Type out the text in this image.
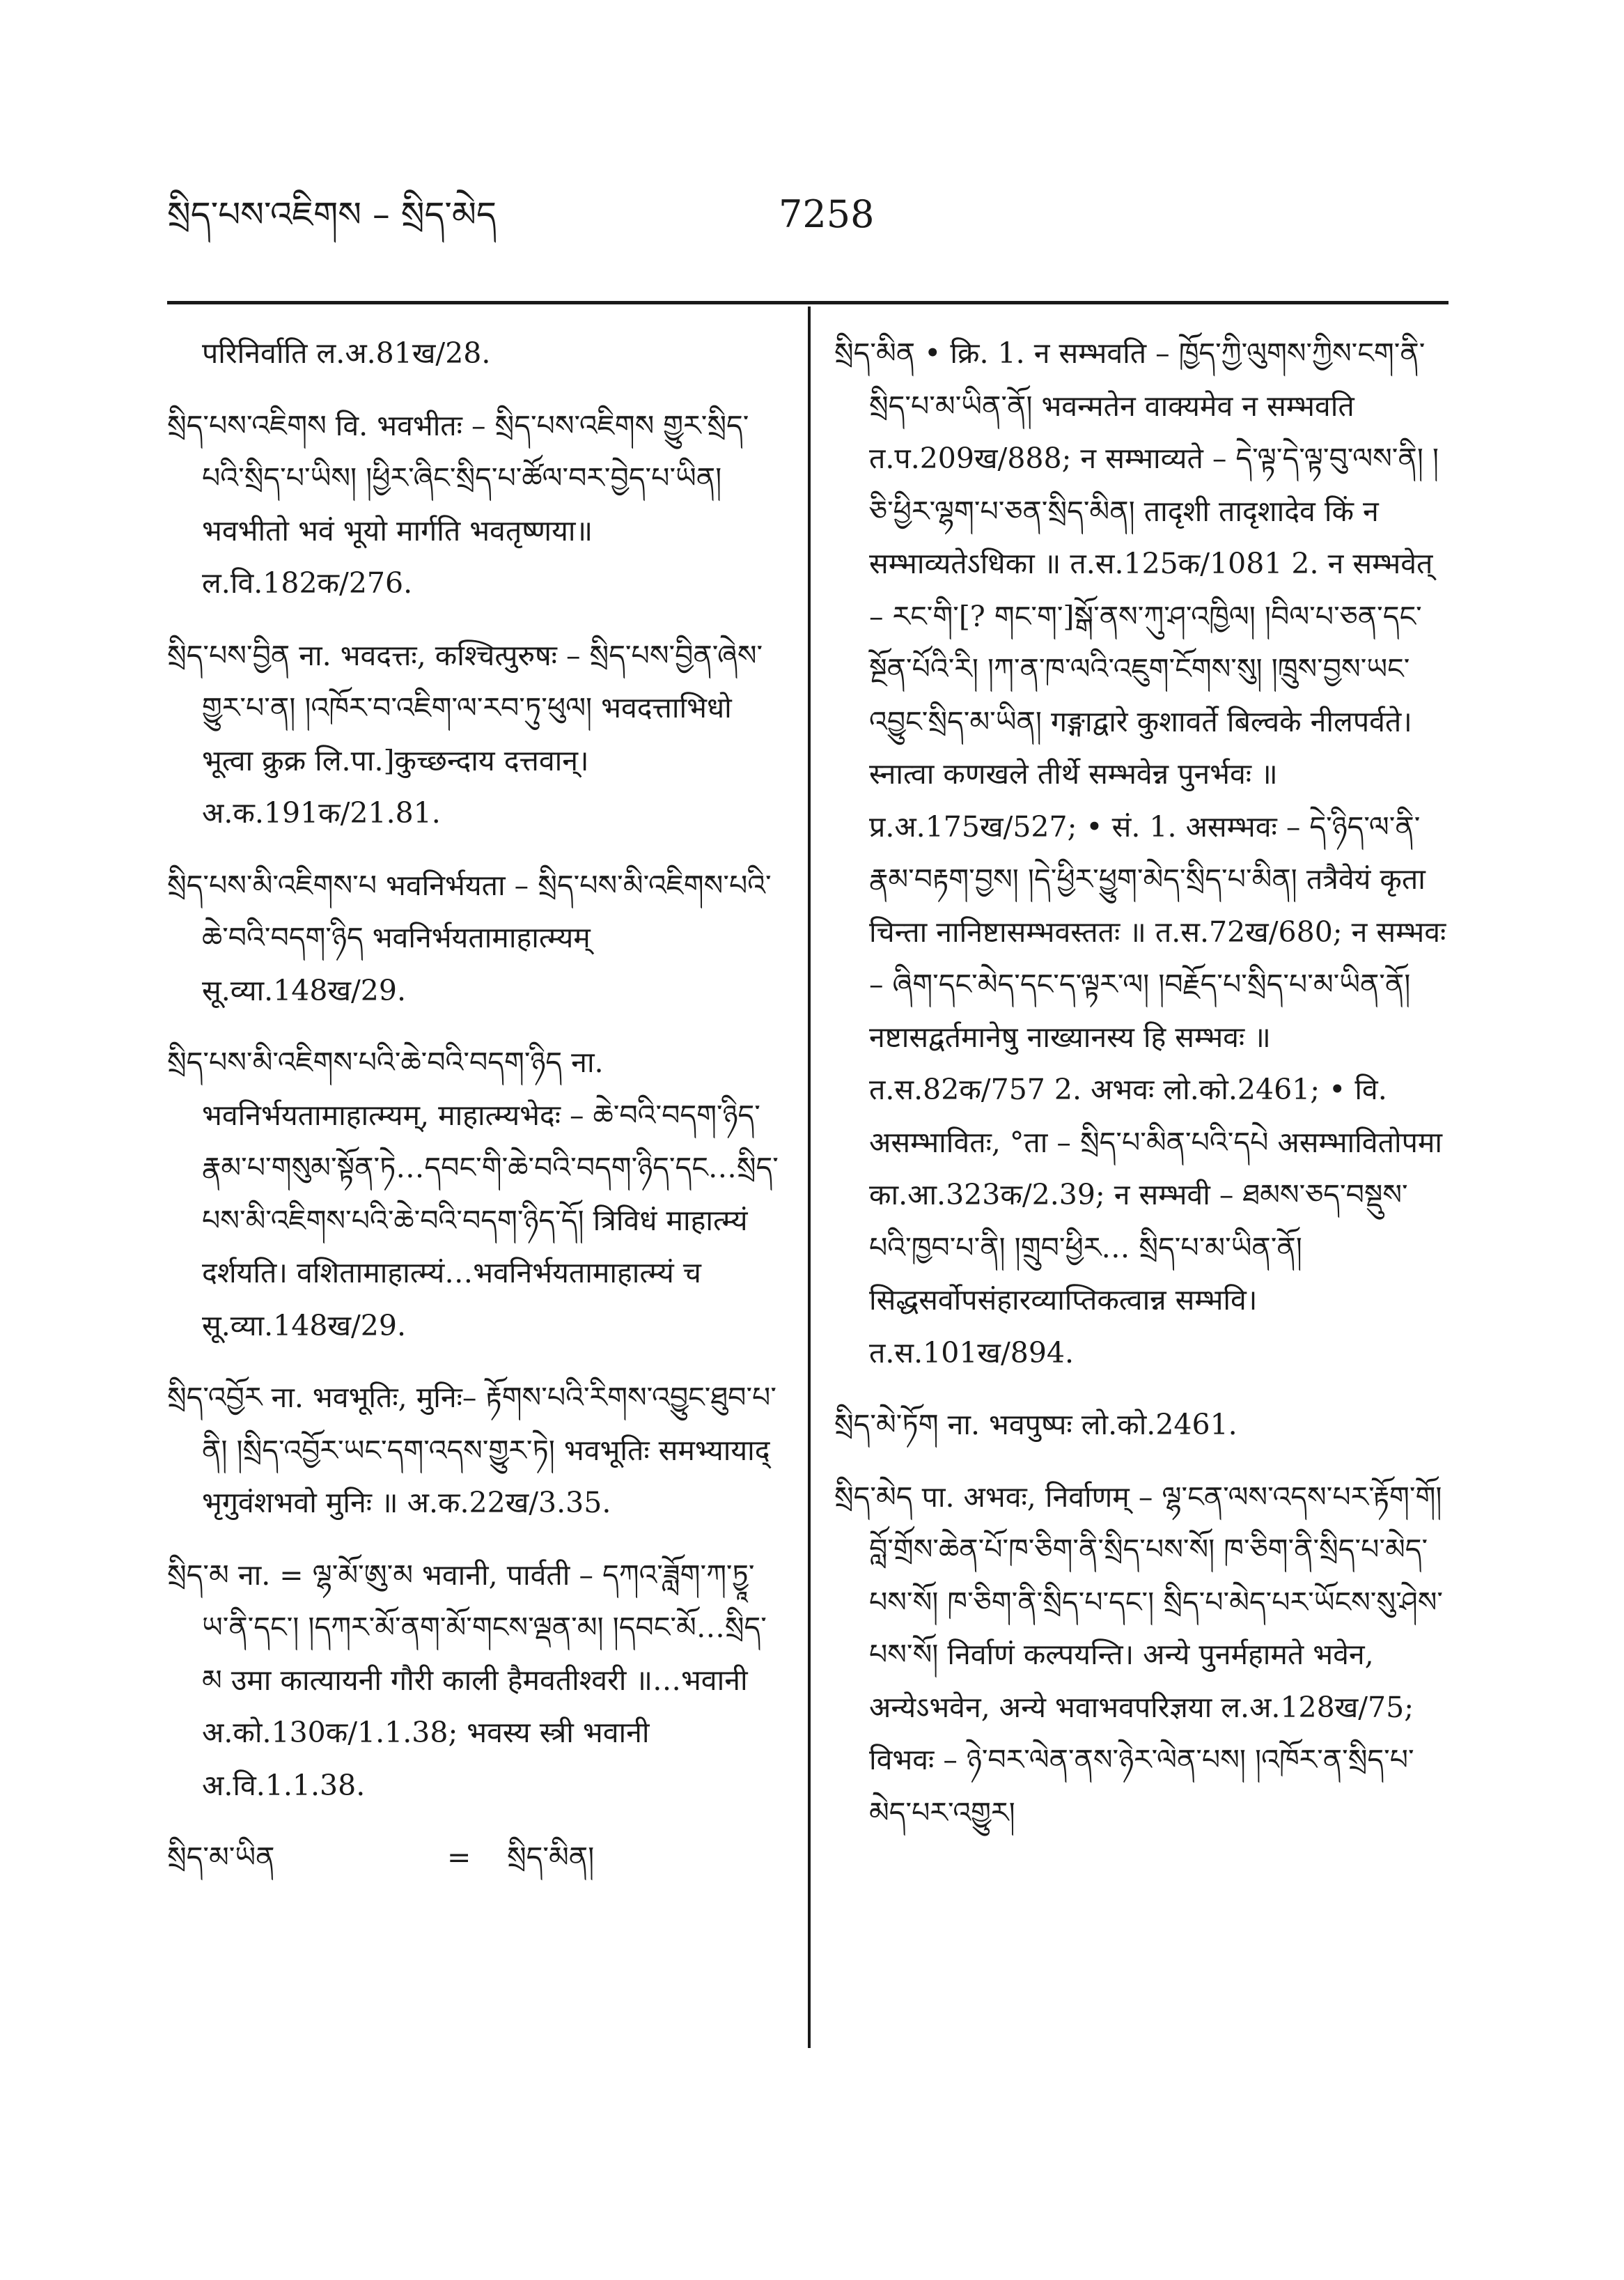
སྲིད་པས་འཇིགས – སྲིད་མེད	7258

परिनिर्वाति ल.अ.81ख/28.

སྲིད་པས་འཇིགས वि. भवभीतः – སྲིད་པས་འཇིགས གྱུར་སྲིད་པའི་སྲིད་པ་ཡིས། །ཕྱིར་ཞིང་སྲིད་པ་ཚོལ་བར་བྱེད་པ་ཡིན། भवभीतो भवं भूयो मार्गति भवतृष्णया॥ ल.वि.182क/276.

སྲིད་པས་བྱིན ना. भवदत्तः, कश्चित्पुरुषः – སྲིད་པས་བྱིན་ཞེས་གྱུར་པ་ན། །འཁོར་བ་འཇིག་ལ་རབ་ཏུ་ཕུལ། भवदत्ताभिधो भूत्वा क्रुक्र लि.पा.]कुच्छन्दाय दत्तवान्। अ.क.191क/21.81.

སྲིད་པས་མི་འཇིགས་པ भवनिर्भयता – སྲིད་པས་མི་འཇིགས་པའི་ཆེ་བའི་བདག་ཉིད भवनिर्भयतामाहात्म्यम् सू.व्या.148ख/29.

སྲིད་པས་མི་འཇིགས་པའི་ཆེ་བའི་བདག་ཉིད ना. भवनिर्भयतामाहात्म्यम्, माहात्म्यभेदः – ཆེ་བའི་བདག་ཉིད་རྣམ་པ་གསུམ་སྟོན་ཏེ…དབང་གི་ཆེ་བའི་བདག་ཉིད་དང…སྲིད་པས་མི་འཇིགས་པའི་ཆེ་བའི་བདག་ཉིད་དོ། त्रिविधं माहात्म्यं दर्शयति। वशितामाहात्म्यं…भवनिर्भयतामाहात्म्यं च सू.व्या.148ख/29.

སྲིད་འབྱོར ना. भवभूतिः, मुनिः– རྟོགས་པའི་རིགས་འབྱུང་ཐུབ་པ་ནི། །སྲིད་འབྱོར་ཡང་དག་འདས་གྱུར་ཏེ། भवभूतिः समभ्यायाद् भृगुवंशभवो मुनिः ॥ अ.क.22ख/3.35.

སྲིད་མ ना. = ལྷ་མོ་ཨུ་མ भवानी, पार्वती – དཀའ་ཟློག་ཀ་ཏྱཱ་ཡ་ནི་དང་། །དཀར་མོ་ནག་མོ་གངས་ལྡན་མ། །དབང་མོ…སྲིད་མ उमा कात्यायनी गौरी काली हैमवतीश्वरी ॥…भवानी अ.को.130क/1.1.38; भवस्य स्त्री भवानी अ.वि.1.1.38.

སྲིད་མ་ཡིན	= སྲིད་མིན།

སྲིད་མིན • क्रि. 1. न सम्भवति – ཁྱོད་ཀྱི་ལུགས་ཀྱིས་ངག་ནི་སྲིད་པ་མ་ཡིན་ནོ། भवन्मतेन वाक्यमेव न सम्भवति त.प.209ख/888; न सम्भाव्यते – དེ་ལྟ་དེ་ལྟ་བུ་ལས་ནི། །ཅི་ཕྱིར་ལྷག་པ་ཅན་སྲིད་མིན། तादृशी तादृशादेव किं न सम्भाव्यतेऽधिका ॥ त.स.125क/1081 2. न सम्भवेत् – རང་གི་[? གང་ག་]སྒོ་ནས་ཀུ་ཤ་འཁྱིལ། །བིལ་པ་ཅན་དང་སྔོན་པོའི་རི། །ཀ་ན་ཁ་ལའི་འཇུག་ངོགས་སུ། །ཁྲུས་བྱས་ཡང་འབྱུང་སྲིད་མ་ཡིན། गङ्गाद्वारे कुशावर्ते बिल्वके नीलपर्वते। स्नात्वा कणखले तीर्थे सम्भवेन्न पुनर्भवः ॥ प्र.अ.175ख/527; • सं. 1. असम्भवः – དེ་ཉིད་ལ་ནི་རྣམ་བརྟག་བྱས། །དེ་ཕྱིར་ཕྱུག་མེད་སྲིད་པ་མིན། तत्रैवेयं कृता चिन्ता नानिष्टासम्भवस्ततः ॥ त.स.72ख/680; न सम्भवः – ཞིག་དང་མེད་དང་ད་ལྟར་ལ། །བརྗོད་པ་སྲིད་པ་མ་ཡིན་ནོ། नष्टासद्वर्तमानेषु नाख्यानस्य हि सम्भवः ॥ त.स.82क/757 2. अभवः लो.को.2461; • वि. असम्भावितः, °ता – སྲིད་པ་མིན་པའི་དཔེ असम्भावितोपमा का.आ.323क/2.39; न सम्भवी – ཐམས་ཅད་བསྡུས་པའི་ཁྱབ་པ་ནི། །གྲུབ་ཕྱིར… སྲིད་པ་མ་ཡིན་ནོ། सिद्धसर्वोपसंहारव्याप्तिकत्वान्न सम्भवि। त.स.101ख/894.

སྲིད་མེ་ཏོག ना. भवपुष्पः लो.को.2461.

སྲིད་མེད पा. अभवः, निर्वाणम् – ལྷ་ངན་ལས་འདས་པར་རྟོག་གོ། བློ་གྲོས་ཆེན་པོ་ཁ་ཅིག་ནི་སྲིད་པས་སོ། ཁ་ཅིག་ནི་སྲིད་པ་མེད་པས་སོ། ཁ་ཅིག་ནི་སྲིད་པ་དང་། སྲིད་པ་མེད་པར་ཡོངས་སུ་ཤེས་པས་སོ། निर्वाणं कल्पयन्ति। अन्ये पुनर्महामते भवेन, अन्येऽभवेन, अन्ये भवाभवपरिज्ञया ल.अ.128ख/75; विभवः – ཉེ་བར་ལེན་ནས་ཉེར་ལེན་པས། །འཁོར་ན་སྲིད་པ་མེད་པར་འགྱུར།
